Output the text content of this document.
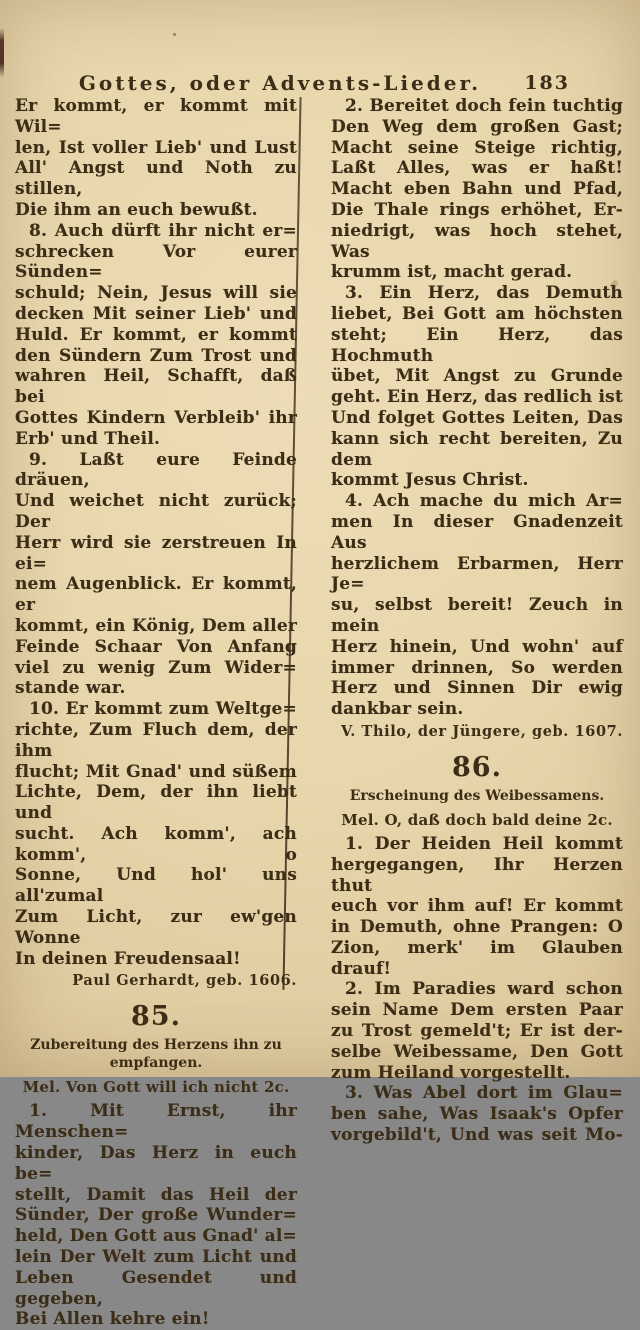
Gottes, oder Advents-Lieder.	183
Er kommt, er kommt mit Wil=
len, Ist voller Lieb' und Lust
All' Angst und Noth zu stillen,
Die ihm an euch bewußt.
8. Auch dürft ihr nicht er=
schrecken Vor eurer Sünden=
schuld; Nein, Jesus will sie
decken Mit seiner Lieb' und
Huld. Er kommt, er kommt
den Sündern Zum Trost und
wahren Heil, Schafft, daß bei
Gottes Kindern Verbleib' ihr
Erb' und Theil.
9. Laßt eure Feinde dräuen,
Und weichet nicht zurück; Der
Herr wird sie zerstreuen In ei=
nem Augenblick. Er kommt, er
kommt, ein König, Dem aller
Feinde Schaar Von Anfang
viel zu wenig Zum Wider=
stande war.
10. Er kommt zum Weltge=
richte, Zum Fluch dem, der ihm
flucht; Mit Gnad' und süßem
Lichte, Dem, der ihn liebt und
sucht. Ach komm', ach komm', o
Sonne, Und hol' uns all'zumal
Zum Licht, zur ew'gen Wonne
In deinen Freudensaal!
Paul Gerhardt, geb. 1606.
85.
Zubereitung des Herzens ihn zu
empfangen.
Mel. Von Gott will ich nicht 2c.
1. Mit Ernst, ihr Menschen=
kinder, Das Herz in euch be=
stellt, Damit das Heil der
Sünder, Der große Wunder=
held, Den Gott aus Gnad' al=
lein Der Welt zum Licht und
Leben Gesendet und gegeben,
Bei Allen kehre ein!
2. Bereitet doch fein tuchtig
Den Weg dem großen Gast;
Macht seine Steige richtig,
Laßt Alles, was er haßt!
Macht eben Bahn und Pfad,
Die Thale rings erhöhet, Er-
niedrigt, was hoch stehet, Was
krumm ist, macht gerad.
3. Ein Herz, das Demuth
liebet, Bei Gott am höchsten
steht; Ein Herz, das Hochmuth
übet, Mit Angst zu Grunde
geht. Ein Herz, das redlich ist
Und folget Gottes Leiten, Das
kann sich recht bereiten, Zu dem
kommt Jesus Christ.
4. Ach mache du mich Ar=
men In dieser Gnadenzeit Aus
herzlichem Erbarmen, Herr Je=
su, selbst bereit! Zeuch in mein
Herz hinein, Und wohn' auf
immer drinnen, So werden
Herz und Sinnen Dir ewig
dankbar sein.
V. Thilo, der Jüngere, geb. 1607.
86.
Erscheinung des Weibessamens.
Mel. O, daß doch bald deine 2c.
1. Der Heiden Heil kommt
hergegangen, Ihr Herzen thut
euch vor ihm auf! Er kommt
in Demuth, ohne Prangen: O
Zion, merk' im Glauben drauf!
2. Im Paradies ward schon
sein Name Dem ersten Paar
zu Trost gemeld't; Er ist der-
selbe Weibessame, Den Gott
zum Heiland vorgestellt.
3. Was Abel dort im Glau=
ben sahe, Was Isaak's Opfer
vorgebild't, Und was seit Mo-
